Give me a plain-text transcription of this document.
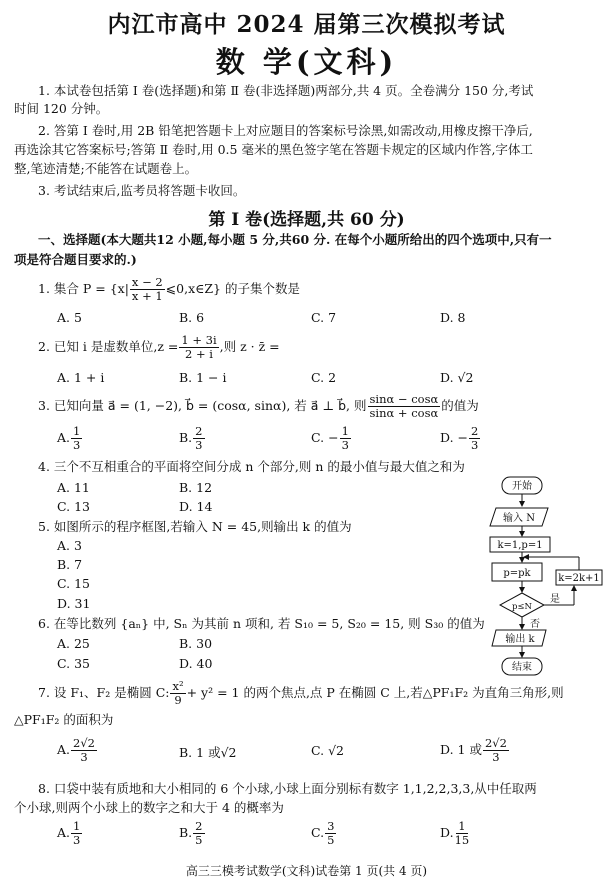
内江市高中 2024 届第三次模拟考试
数 学(文科)
1. 本试卷包括第 Ⅰ 卷(选择题)和第 Ⅱ 卷(非选择题)两部分,共 4 页。全卷满分 150 分,考试
时间 120 分钟。
2. 答第 Ⅰ 卷时,用 2B 铅笔把答题卡上对应题目的答案标号涂黑,如需改动,用橡皮擦干净后,
再选涂其它答案标号;答第 Ⅱ 卷时,用 0.5 毫米的黑色签字笔在答题卡规定的区域内作答,字体工
整,笔迹清楚;不能答在试题卷上。
3. 考试结束后,监考员将答题卡收回。
第 Ⅰ 卷(选择题,共 60 分)
一、选择题(本大题共12 小题,每小题 5 分,共60 分. 在每个小题所给出的四个选项中,只有一
项是符合题目要求的.)
1. 集合 $P = \{x| \frac{x - 2}{x + 1}$ ⩽0,x∈Z} 的子集个数是
A. 5	B. 6	C. 7	D. 8
2. 已知 i 是虚数单位$,z = \frac{1 + 3i}{2 + i}$ ,则 z · z̄ =
A. 1 + i	B. 1 − i	C. 2	D. √2
3. 已知向量 a⃗ = (1, −2), b⃗ = (cosα, sinα), 若 a⃗ ⊥ b⃗, 则 $\frac{\sin\alpha - \cos\alpha}{\sin\alpha + \cos\alpha}$ 的值为
A. $\frac{1}{3}$	B. $\frac{2}{3}$	C. − $\frac{1}{3}$	D. − $\frac{2}{3}$
4. 三个不互相重合的平面将空间分成 n 个部分,则 n 的最小值与最大值之和为
A. 11	B. 12
C. 13	D. 14
5. 如图所示的程序框图,若输入 N = 45,则输出 k 的值为
A. 3
B. 7
C. 15
D. 31
6. 在等比数列 {aₙ} 中, Sₙ 为其前 n 项和, 若 S₁₀ = 5, S₂₀ = 15, 则 S₃₀ 的值为
A. 25	B. 30
C. 35	D. 40
7. 设 F₁、F₂ 是椭圆 C: $\frac{\text{x²}}{9} + y^2 = 1$ 的两个焦点,点 P 在椭圆 C 上,若△PF₁F₂ 为直角三角形,则
△PF₁F₂ 的面积为
A. $\frac{2√2}{3}$	B. 1 或√2	C. √2	D. 1 或 $\frac{2√2}{3}$
8. 口袋中装有质地和大小相同的 6 个小球,小球上面分别标有数字 1,1,2,2,3,3,从中任取两
个小球,则两个小球上的数字之和大于 4 的概率为
A. $\frac{1}{3}$	B. $\frac{2}{5}$	C. $\frac{3}{5}$	D. $\frac{1}{15}$
开始
输入 N
k=1,p=1
p=pk
p≤N
k=2k+1
是
否
输出 k
结束
高三三模考试数学(文科)试卷第 1 页(共 4 页)
